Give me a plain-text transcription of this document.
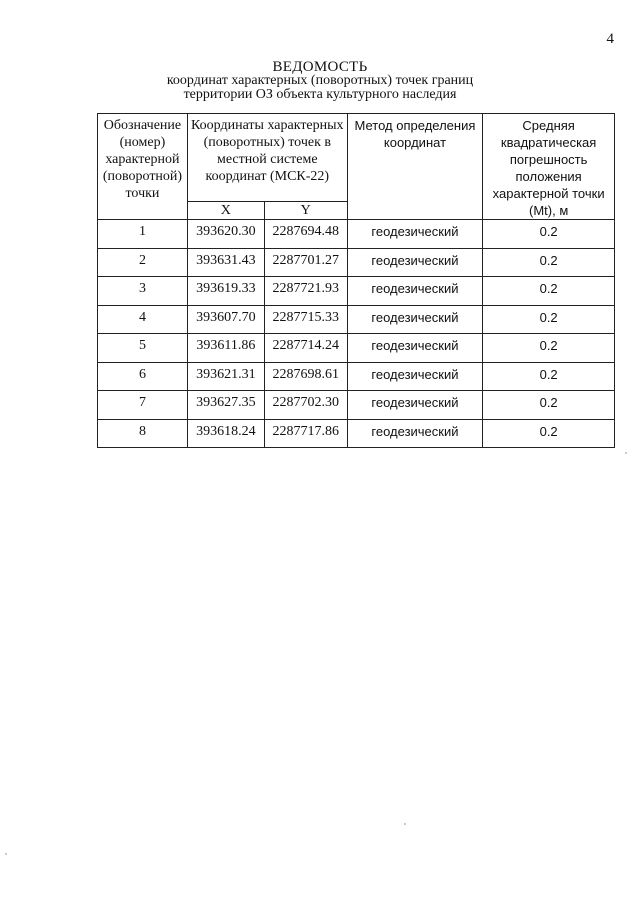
4
ВЕДОМОСТЬ
координат характерных (поворотных) точек границ
территории ОЗ объекта культурного наследия
Обозначение (номер) характерной (поворотной) точки	Координаты характерных (поворотных) точек в местной системе координат (МСК-22)		Метод определения координат	Средняя квадратическая погрешность положения характерной точки (Mt), м
	X	Y		
1	393620.30	2287694.48	геодезический	0.2
2	393631.43	2287701.27	геодезический	0.2
3	393619.33	2287721.93	геодезический	0.2
4	393607.70	2287715.33	геодезический	0.2
5	393611.86	2287714.24	геодезический	0.2
6	393621.31	2287698.61	геодезический	0.2
7	393627.35	2287702.30	геодезический	0.2
8	393618.24	2287717.86	геодезический	0.2
